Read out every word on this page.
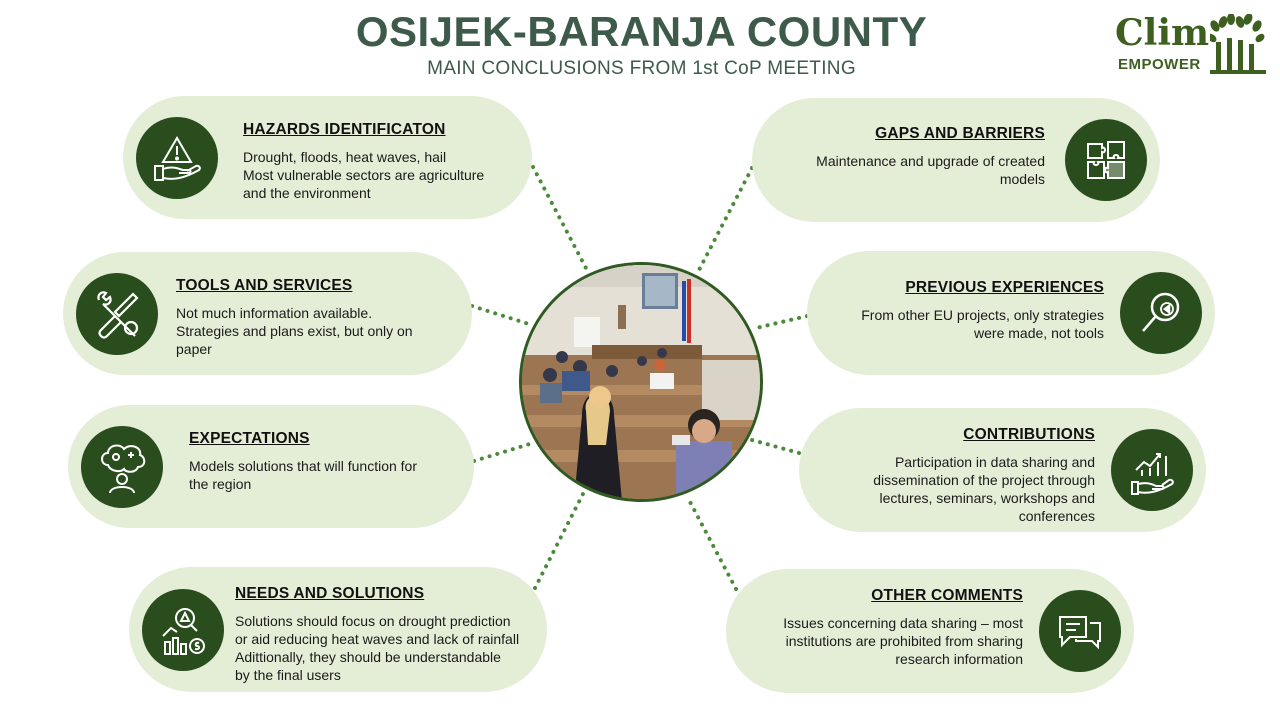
OSIJEK-BARANJA COUNTY
MAIN CONCLUSIONS FROM 1st CoP MEETING
Clim
EMPOWER
HAZARDS IDENTIFICATON
Drought, floods, heat waves, hail
Most vulnerable sectors are agriculture
and the environment
TOOLS AND SERVICES
Not much information available.
Strategies and plans exist, but only on
paper
EXPECTATIONS
Models solutions that will function for
the region
NEEDS AND SOLUTIONS
Solutions should focus on drought prediction
or aid reducing heat waves and lack of rainfall
Adittionally, they should be understandable
by the final users
GAPS AND BARRIERS
Maintenance and upgrade of created
models
PREVIOUS EXPERIENCES
From other EU projects, only strategies
were made, not tools
CONTRIBUTIONS
Participation in data sharing and
dissemination of the project through
lectures, seminars, workshops and
conferences
OTHER COMMENTS
Issues concerning data sharing – most
institutions are prohibited from sharing
research information
